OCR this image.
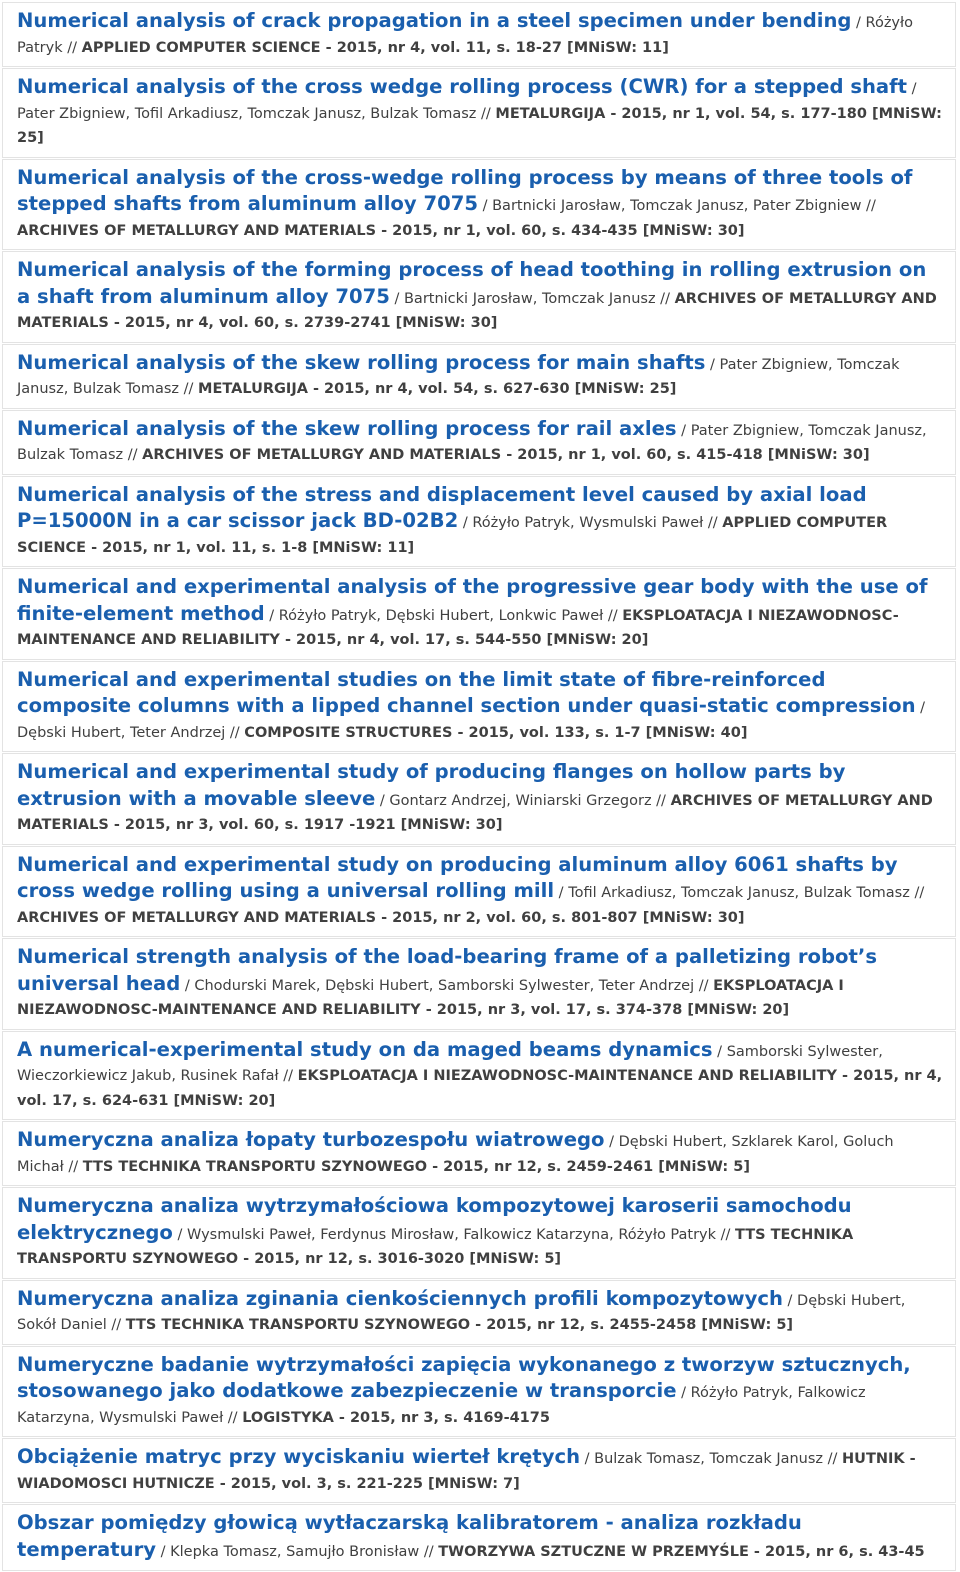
Numerical analysis of crack propagation in a steel specimen under bending / Różyło Patryk // APPLIED COMPUTER SCIENCE - 2015, nr 4, vol. 11, s. 18-27 [MNiSW: 11]
Numerical analysis of the cross wedge rolling process (CWR) for a stepped shaft / Pater Zbigniew, Tofil Arkadiusz, Tomczak Janusz, Bulzak Tomasz // METALURGIJA - 2015, nr 1, vol. 54, s. 177-180 [MNiSW: 25]
Numerical analysis of the cross-wedge rolling process by means of three tools of stepped shafts from aluminum alloy 7075 / Bartnicki Jarosław, Tomczak Janusz, Pater Zbigniew // ARCHIVES OF METALLURGY AND MATERIALS - 2015, nr 1, vol. 60, s. 434-435 [MNiSW: 30]
Numerical analysis of the forming process of head toothing in rolling extrusion on a shaft from aluminum alloy 7075 / Bartnicki Jarosław, Tomczak Janusz // ARCHIVES OF METALLURGY AND MATERIALS - 2015, nr 4, vol. 60, s. 2739-2741 [MNiSW: 30]
Numerical analysis of the skew rolling process for main shafts / Pater Zbigniew, Tomczak Janusz, Bulzak Tomasz // METALURGIJA - 2015, nr 4, vol. 54, s. 627-630 [MNiSW: 25]
Numerical analysis of the skew rolling process for rail axles / Pater Zbigniew, Tomczak Janusz, Bulzak Tomasz // ARCHIVES OF METALLURGY AND MATERIALS - 2015, nr 1, vol. 60, s. 415-418 [MNiSW: 30]
Numerical analysis of the stress and displacement level caused by axial load P=15000N in a car scissor jack BD-02B2 / Różyło Patryk, Wysmulski Paweł // APPLIED COMPUTER SCIENCE - 2015, nr 1, vol. 11, s. 1-8 [MNiSW: 11]
Numerical and experimental analysis of the progressive gear body with the use of finite-element method / Różyło Patryk, Dębski Hubert, Lonkwic Paweł // EKSPLOATACJA I NIEZAWODNOSC-MAINTENANCE AND RELIABILITY - 2015, nr 4, vol. 17, s. 544-550 [MNiSW: 20]
Numerical and experimental studies on the limit state of fibre-reinforced composite columns with a lipped channel section under quasi-static compression / Dębski Hubert, Teter Andrzej // COMPOSITE STRUCTURES - 2015, vol. 133, s. 1-7 [MNiSW: 40]
Numerical and experimental study of producing flanges on hollow parts by extrusion with a movable sleeve / Gontarz Andrzej, Winiarski Grzegorz // ARCHIVES OF METALLURGY AND MATERIALS - 2015, nr 3, vol. 60, s. 1917 -1921 [MNiSW: 30]
Numerical and experimental study on producing aluminum alloy 6061 shafts by cross wedge rolling using a universal rolling mill / Tofil Arkadiusz, Tomczak Janusz, Bulzak Tomasz // ARCHIVES OF METALLURGY AND MATERIALS - 2015, nr 2, vol. 60, s. 801-807 [MNiSW: 30]
Numerical strength analysis of the load-bearing frame of a palletizing robot’s universal head / Chodurski Marek, Dębski Hubert, Samborski Sylwester, Teter Andrzej // EKSPLOATACJA I NIEZAWODNOSC-MAINTENANCE AND RELIABILITY - 2015, nr 3, vol. 17, s. 374-378 [MNiSW: 20]
A numerical-experimental study on da maged beams dynamics / Samborski Sylwester, Wieczorkiewicz Jakub, Rusinek Rafał // EKSPLOATACJA I NIEZAWODNOSC-MAINTENANCE AND RELIABILITY - 2015, nr 4, vol. 17, s. 624-631 [MNiSW: 20]
Numeryczna analiza łopaty turbozespołu wiatrowego / Dębski Hubert, Szklarek Karol, Goluch Michał // TTS TECHNIKA TRANSPORTU SZYNOWEGO - 2015, nr 12, s. 2459-2461 [MNiSW: 5]
Numeryczna analiza wytrzymałościowa kompozytowej karoserii samochodu elektrycznego / Wysmulski Paweł, Ferdynus Mirosław, Falkowicz Katarzyna, Różyło Patryk // TTS TECHNIKA TRANSPORTU SZYNOWEGO - 2015, nr 12, s. 3016-3020 [MNiSW: 5]
Numeryczna analiza zginania cienkościennych profili kompozytowych / Dębski Hubert, Sokół Daniel // TTS TECHNIKA TRANSPORTU SZYNOWEGO - 2015, nr 12, s. 2455-2458 [MNiSW: 5]
Numeryczne badanie wytrzymałości zapięcia wykonanego z tworzyw sztucznych, stosowanego jako dodatkowe zabezpieczenie w transporcie / Różyło Patryk, Falkowicz Katarzyna, Wysmulski Paweł // LOGISTYKA - 2015, nr 3, s. 4169-4175
Obciążenie matryc przy wyciskaniu wierteł krętych / Bulzak Tomasz, Tomczak Janusz // HUTNIK - WIADOMOSCI HUTNICZE - 2015, vol. 3, s. 221-225 [MNiSW: 7]
Obszar pomiędzy głowicą wytłaczarską kalibratorem - analiza rozkładu temperatury / Klepka Tomasz, Samujło Bronisław // TWORZYWA SZTUCZNE W PRZEMYŚLE - 2015, nr 6, s. 43-45
